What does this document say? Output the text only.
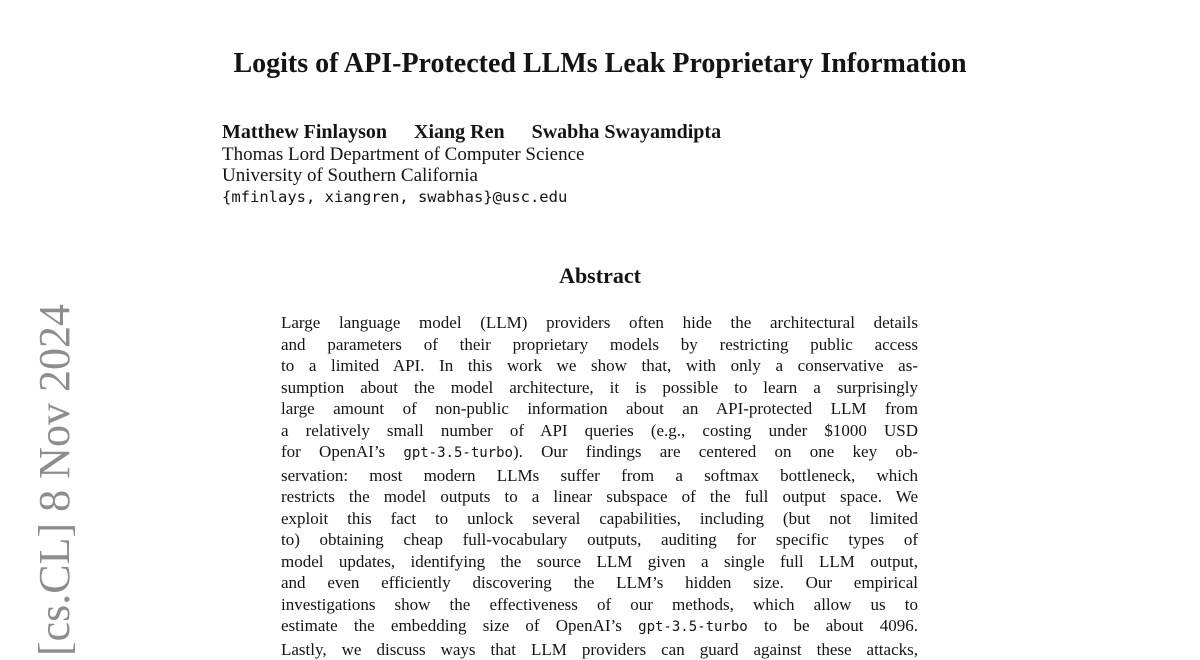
[cs.CL] 8 Nov 2024
Logits of API-Protected LLMs Leak Proprietary Information
Matthew Finlayson Xiang Ren Swabha Swayamdipta
Thomas Lord Department of Computer Science
University of Southern California
{mfinlays, xiangren, swabhas}@usc.edu
Abstract
Large language model (LLM) providers often hide the architectural details
and parameters of their proprietary models by restricting public access
to a limited API. In this work we show that, with only a conservative as-
sumption about the model architecture, it is possible to learn a surprisingly
large amount of non-public information about an API-protected LLM from
a relatively small number of API queries (e.g., costing under $1000 USD
for OpenAI’s gpt-3.5-turbo). Our findings are centered on one key ob-
servation: most modern LLMs suffer from a softmax bottleneck, which
restricts the model outputs to a linear subspace of the full output space. We
exploit this fact to unlock several capabilities, including (but not limited
to) obtaining cheap full-vocabulary outputs, auditing for specific types of
model updates, identifying the source LLM given a single full LLM output,
and even efficiently discovering the LLM’s hidden size. Our empirical
investigations show the effectiveness of our methods, which allow us to
estimate the embedding size of OpenAI’s gpt-3.5-turbo to be about 4096.
Lastly, we discuss ways that LLM providers can guard against these attacks,
